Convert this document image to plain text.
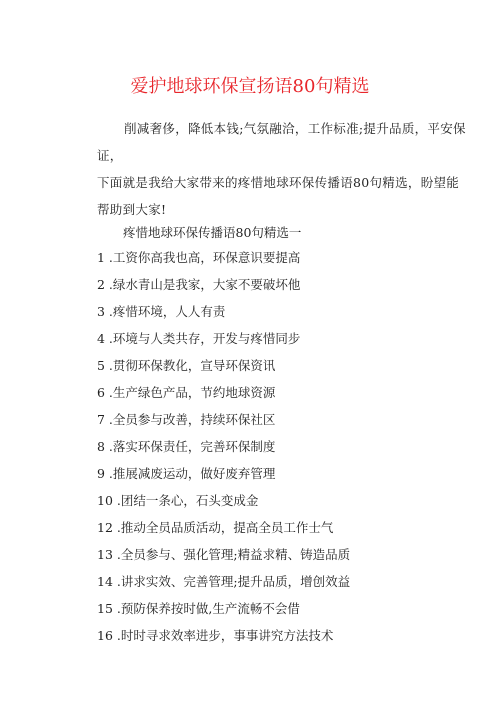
爱护地球环保宣扬语80句精选
削减奢侈，降低本钱;气氛融洽，工作标准;提升品质，平安保证，
下面就是我给大家带来的疼惜地球环保传播语80句精选，盼望能帮助到大家!
疼惜地球环保传播语80句精选一
1 .工资你高我也高，环保意识要提高
2 .绿水青山是我家，大家不要破坏他
3 .疼惜环境，人人有责
4 .环境与人类共存，开发与疼惜同步
5 .贯彻环保教化，宣导环保资讯
6 .生产绿色产品，节约地球资源
7 .全员参与改善，持续环保社区
8 .落实环保责任，完善环保制度
9 .推展减废运动，做好废弃管理
10 .团结一条心，石头变成金
12 .推动全员品质活动，提高全员工作士气
13 .全员参与、强化管理;精益求精、铸造品质
14 .讲求实效、完善管理;提升品质，增创效益
15 .预防保养按时做,生产流畅不会借
16 .时时寻求效率进步，事事讲究方法技术
